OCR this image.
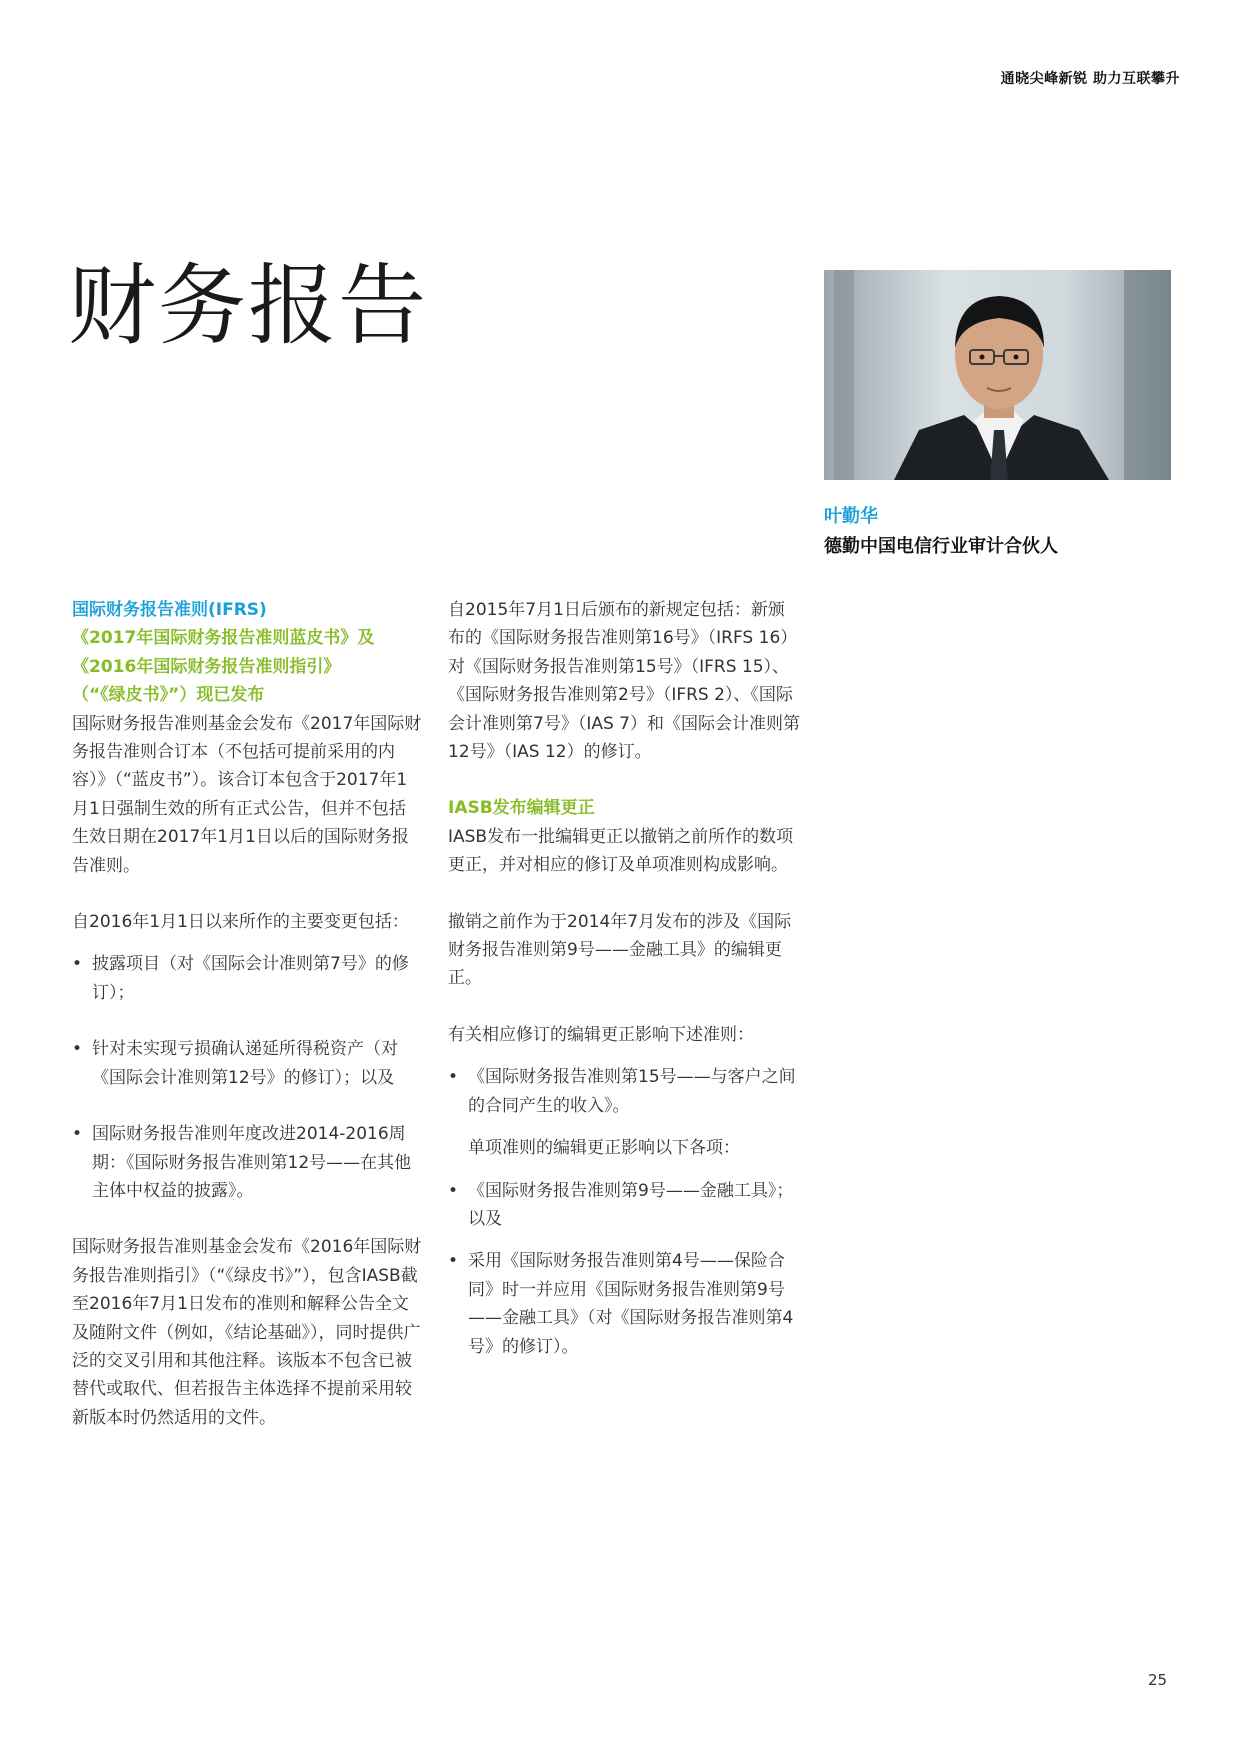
通晓尖峰新锐 助力互联攀升
财务报告
叶勤华
德勤中国电信行业审计合伙人

国际财务报告准则(IFRS)

《2017年国际财务报告准则蓝皮书》及

《2016年国际财务报告准则指引》

（“《绿皮书》”）现已发布

国际财务报告准则基金会发布《2017年国际财务报告准则合订本（不包括可提前采用的内容）》（“蓝皮书”）。该合订本包含于2017年1月1日强制生效的所有正式公告，但并不包括生效日期在2017年1月1日以后的国际财务报告准则。

自2016年1月1日以来所作的主要变更包括：

• 披露项目（对《国际会计准则第7号》的修订）；
• 针对未实现亏损确认递延所得税资产（对《国际会计准则第12号》的修订）；以及
• 国际财务报告准则年度改进2014-2016周期：《国际财务报告准则第12号——在其他主体中权益的披露》。

国际财务报告准则基金会发布《2016年国际财务报告准则指引》（“《绿皮书》”），包含IASB截至2016年7月1日发布的准则和解释公告全文及随附文件（例如，《结论基础》），同时提供广泛的交叉引用和其他注释。该版本不包含已被替代或取代、但若报告主体选择不提前采用较新版本时仍然适用的文件。

自2015年7月1日后颁布的新规定包括：新颁布的《国际财务报告准则第16号》（IRFS 16）对《国际财务报告准则第15号》（IFRS 15）、《国际财务报告准则第2号》（IFRS 2）、《国际会计准则第7号》（IAS 7）和《国际会计准则第12号》（IAS 12）的修订。

IASB发布编辑更正

IASB发布一批编辑更正以撤销之前所作的数项更正，并对相应的修订及单项准则构成影响。

撤销之前作为于2014年7月发布的涉及《国际财务报告准则第9号——金融工具》的编辑更正。

有关相应修订的编辑更正影响下述准则：

• 《国际财务报告准则第15号——与客户之间的合同产生的收入》。

单项准则的编辑更正影响以下各项：

• 《国际财务报告准则第9号——金融工具》；以及
• 采用《国际财务报告准则第4号——保险合同》时一并应用《国际财务报告准则第9号——金融工具》（对《国际财务报告准则第4号》的修订）。
25
